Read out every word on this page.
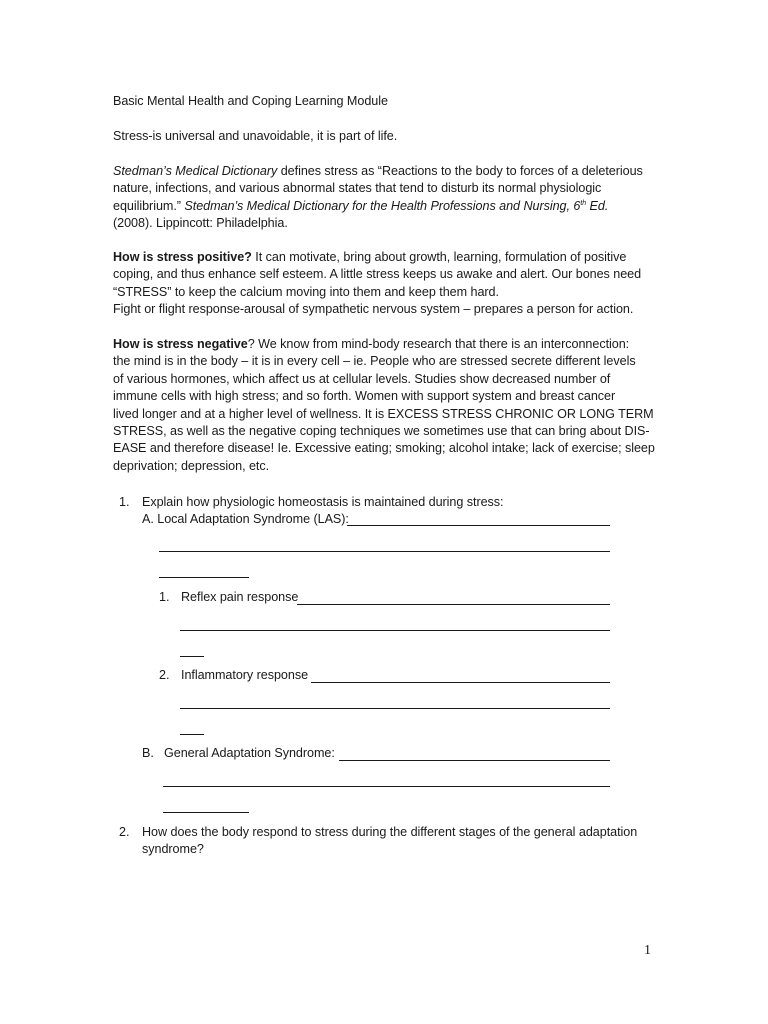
Basic Mental Health and Coping Learning Module
Stress-is universal and unavoidable, it is part of life.
Stedman’s Medical Dictionary defines stress as “Reactions to the body to forces of a deleterious
nature, infections, and various abnormal states that tend to disturb its normal physiologic
equilibrium.” Stedman’s Medical Dictionary for the Health Professions and Nursing, 6th Ed.
(2008). Lippincott: Philadelphia.
How is stress positive? It can motivate, bring about growth, learning, formulation of positive
coping, and thus enhance self esteem. A little stress keeps us awake and alert. Our bones need
“STRESS” to keep the calcium moving into them and keep them hard.
Fight or flight response-arousal of sympathetic nervous system – prepares a person for action.
How is stress negative? We know from mind-body research that there is an interconnection:
the mind is in the body – it is in every cell – ie. People who are stressed secrete different levels
of various hormones, which affect us at cellular levels. Studies show decreased number of
immune cells with high stress; and so forth. Women with support system and breast cancer
lived longer and at a higher level of wellness. It is EXCESS STRESS CHRONIC OR LONG TERM
STRESS, as well as the negative coping techniques we sometimes use that can bring about DIS-
EASE and therefore disease! Ie. Excessive eating; smoking; alcohol intake; lack of exercise; sleep
deprivation; depression, etc.
1. Explain how physiologic homeostasis is maintained during stress:
A. Local Adaptation Syndrome (LAS):
1. Reflex pain response
2. Inflammatory response
B. General Adaptation Syndrome:
2. How does the body respond to stress during the different stages of the general adaptation
syndrome?
1
